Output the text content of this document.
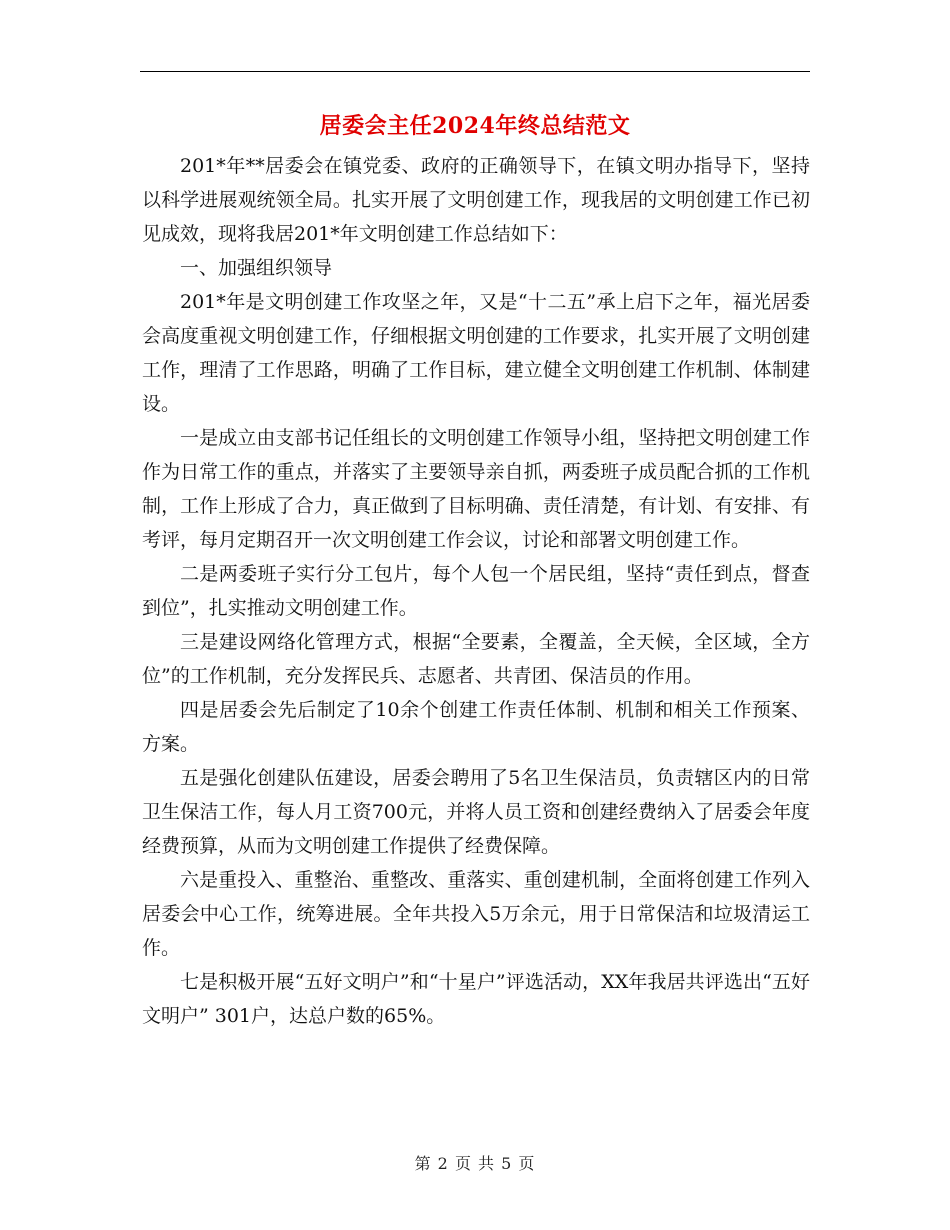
居委会主任2024年终总结范文

201*年**居委会在镇党委、政府的正确领导下，在镇文明办指导下，坚持以科学进展观统领全局。扎实开展了文明创建工作，现我居的文明创建工作已初见成效，现将我居201*年文明创建工作总结如下：

一、加强组织领导

201*年是文明创建工作攻坚之年，又是“十二五”承上启下之年，福光居委会高度重视文明创建工作，仔细根据文明创建的工作要求，扎实开展了文明创建工作，理清了工作思路，明确了工作目标，建立健全文明创建工作机制、体制建设。

一是成立由支部书记任组长的文明创建工作领导小组，坚持把文明创建工作作为日常工作的重点，并落实了主要领导亲自抓，两委班子成员配合抓的工作机制，工作上形成了合力，真正做到了目标明确、责任清楚，有计划、有安排、有考评，每月定期召开一次文明创建工作会议，讨论和部署文明创建工作。

二是两委班子实行分工包片，每个人包一个居民组，坚持“责任到点，督查到位”，扎实推动文明创建工作。

三是建设网络化管理方式，根据“全要素，全覆盖，全天候，全区域，全方位”的工作机制，充分发挥民兵、志愿者、共青团、保洁员的作用。

四是居委会先后制定了10余个创建工作责任体制、机制和相关工作预案、方案。

五是强化创建队伍建设，居委会聘用了5名卫生保洁员，负责辖区内的日常卫生保洁工作，每人月工资700元，并将人员工资和创建经费纳入了居委会年度经费预算，从而为文明创建工作提供了经费保障。

六是重投入、重整治、重整改、重落实、重创建机制，全面将创建工作列入居委会中心工作，统筹进展。全年共投入5万余元，用于日常保洁和垃圾清运工作。

七是积极开展“五好文明户”和“十星户”评选活动，XX年我居共评选出“五好文明户” 301户，达总户数的65%。

第 2 页 共 5 页
